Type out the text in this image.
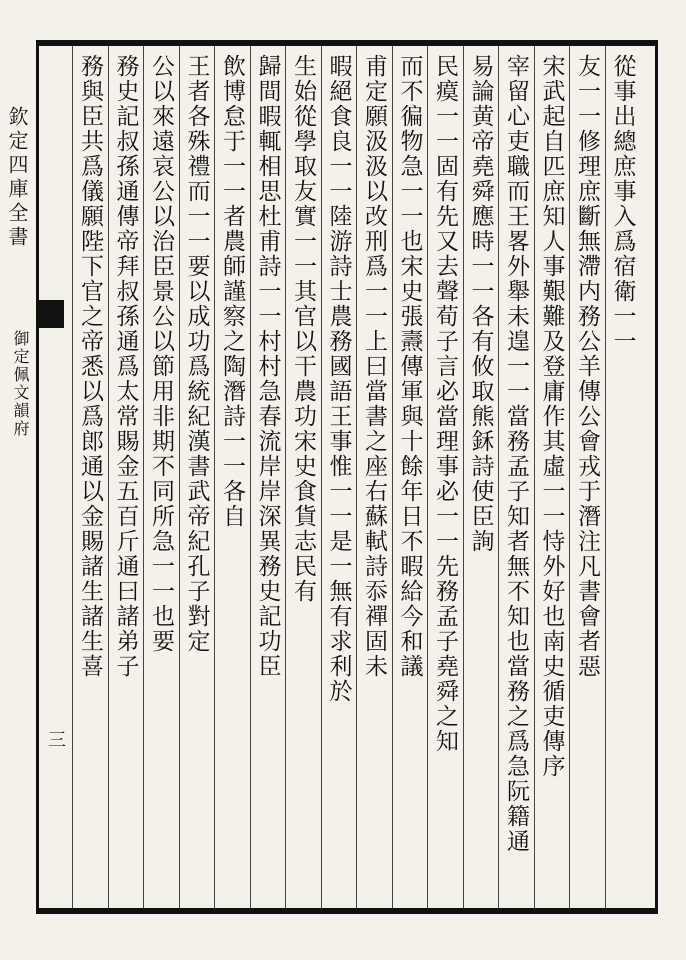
欽定四庫全書
御定佩文韻府
三
從事出總庶事入爲宿衛一一
友一一修理庶斷無滯内務公羊傳公會戎于潛注凡書會者惡
宋武起自匹庶知人事艱難及登庸作其虛一一恃外好也南史循吏傳序
宰留心吏職而王畧外舉未遑一一當務孟子知者無不知也當務之爲急阮籍通
易論黄帝堯舜應時一一各有攸取熊鉌詩使臣詢
民瘼一一固有先又去聲荀子言必當理事必一一先務孟子堯舜之知
而不徧物急一一也宋史張燾傳軍與十餘年日不暇給今和議
甫定願汲汲以改刑爲一一上曰當書之座右蘇軾詩忝禪固未
暇絕食良一一陸游詩士農務國語王事惟一一是一無有求利於
生始從學取友實一一其官以干農功宋史食貨志民有
歸間暇輒相思杜甫詩一一村村急春流岸岸深異務史記功臣
飲博怠于一一者農師謹察之陶潛詩一一各自
王者各殊禮而一一要以成功爲統紀漢書武帝紀孔子對定
公以來遠哀公以治臣景公以節用非期不同所急一一也要
務史記叔孫通傳帝拜叔孫通爲太常賜金五百斤通曰諸弟子
務與臣共爲儀願陛下官之帝悉以爲郎通以金賜諸生諸生喜
